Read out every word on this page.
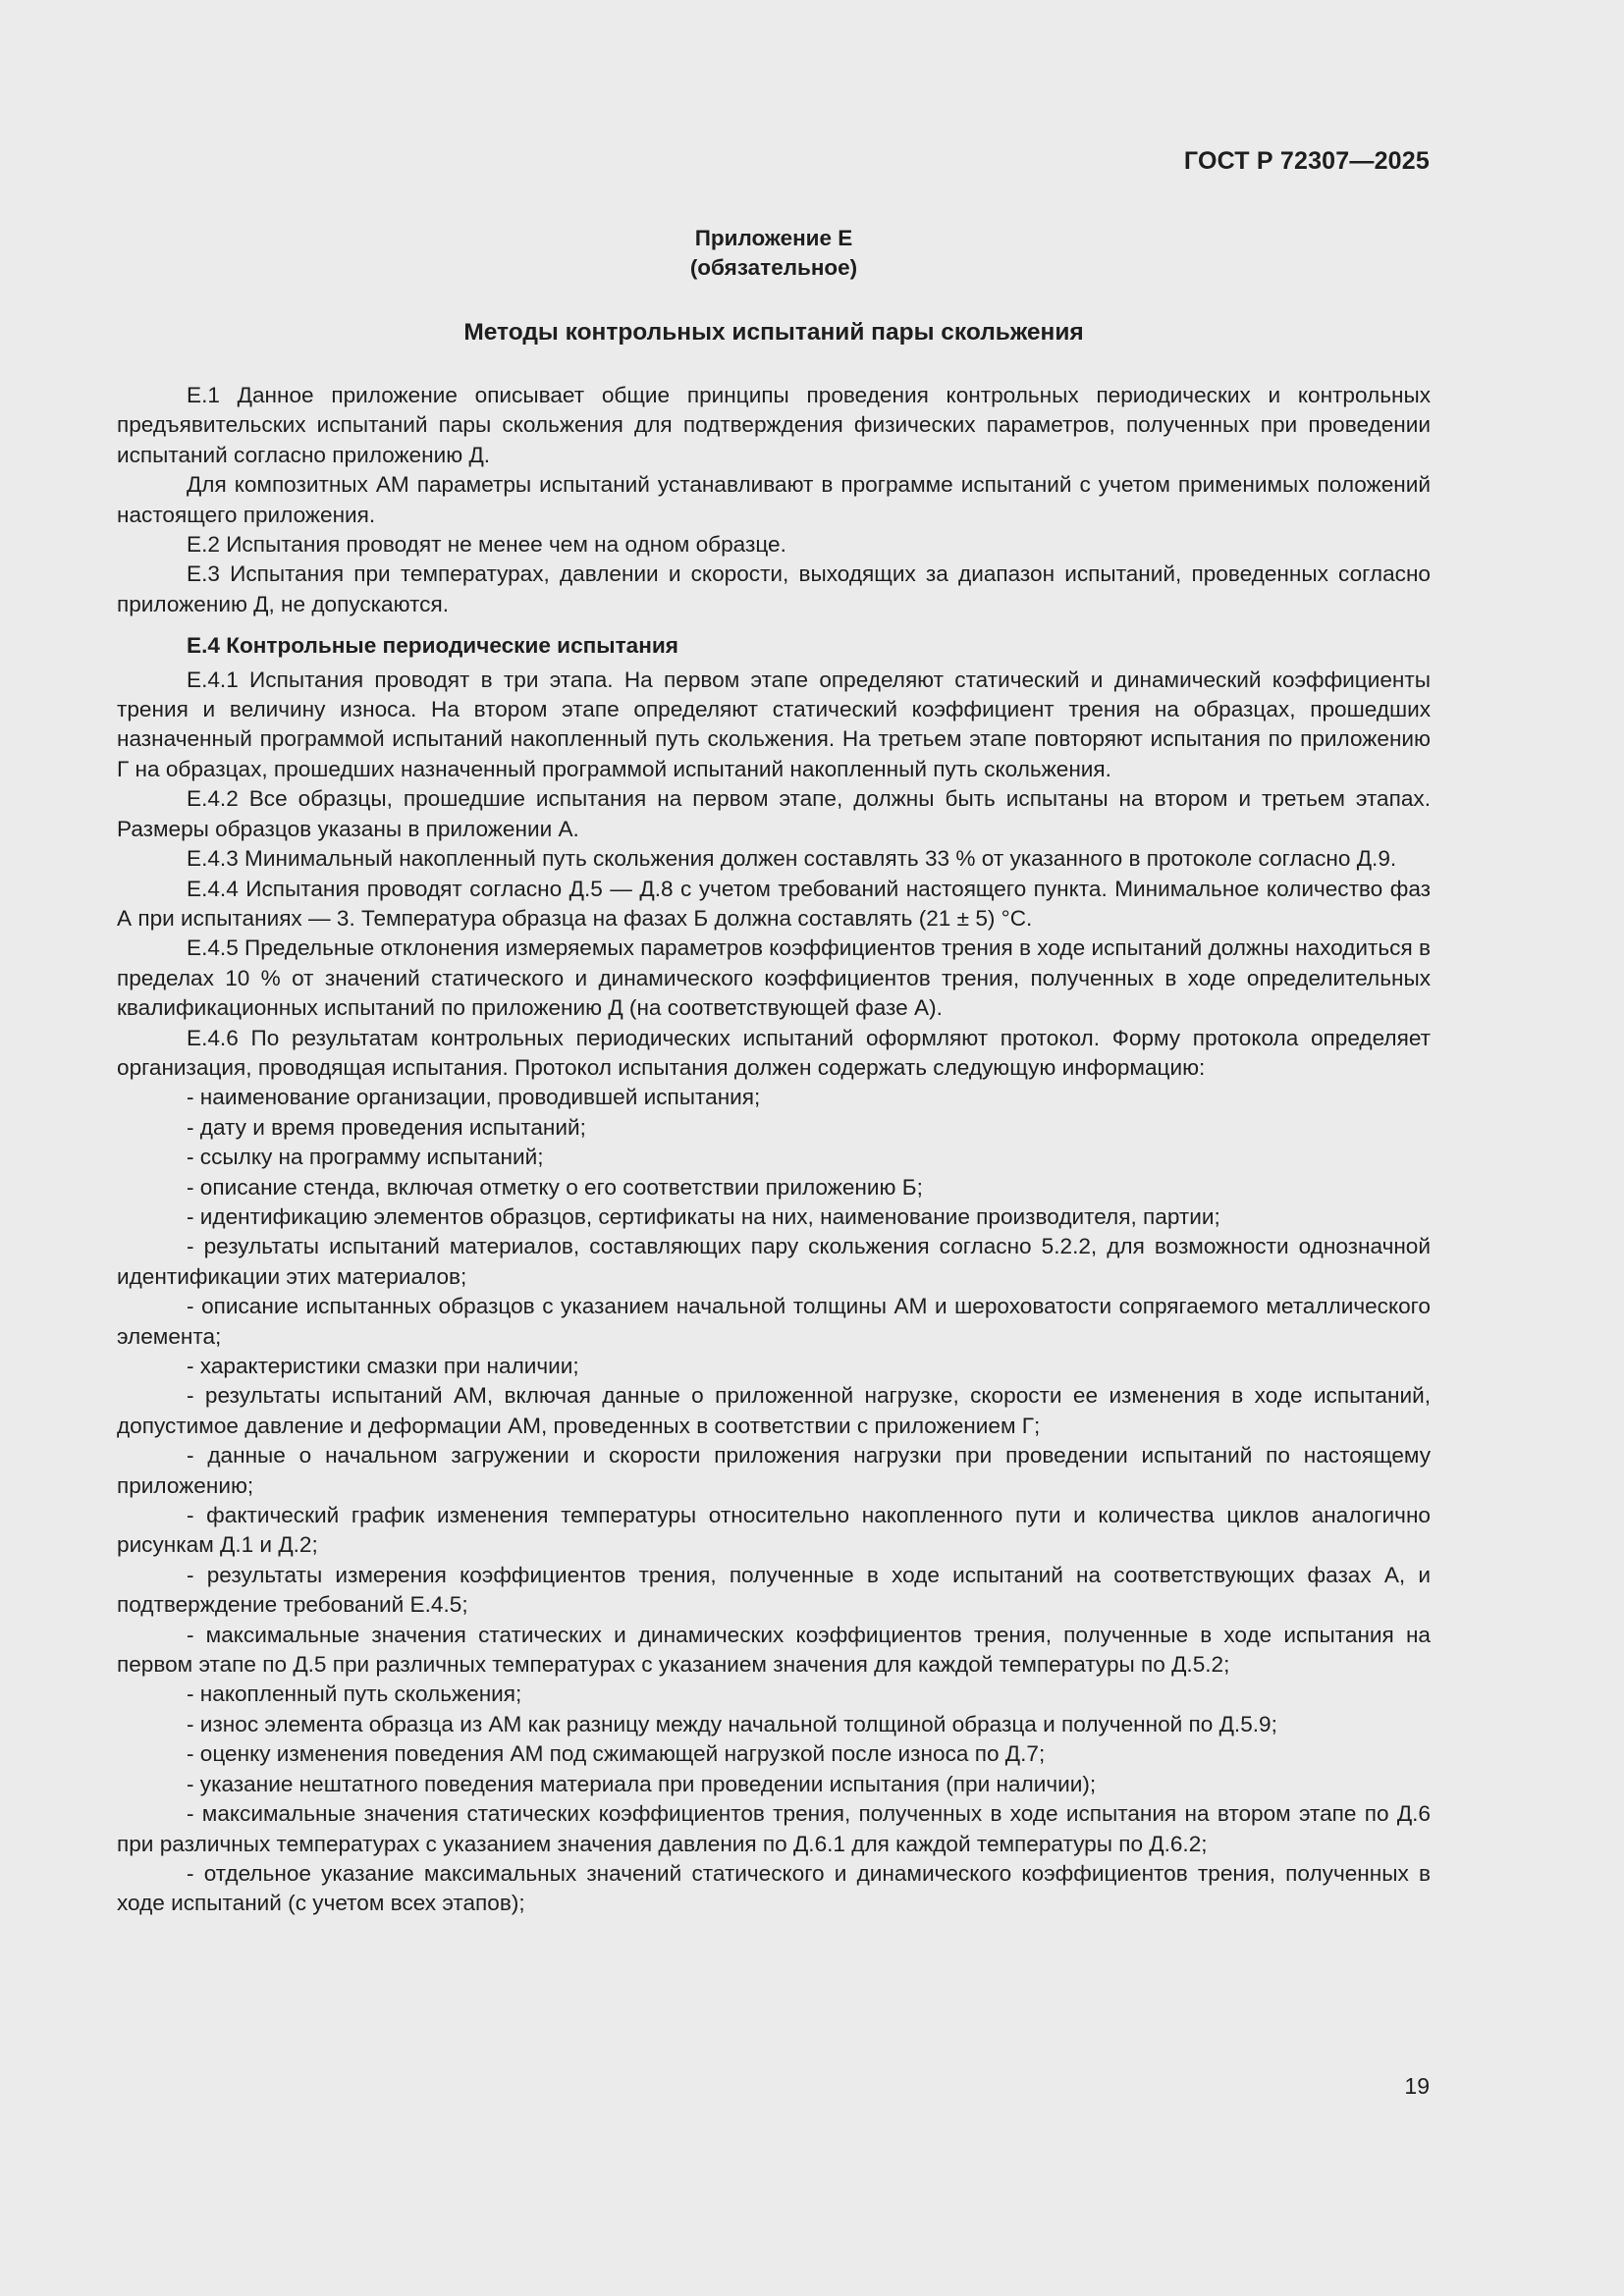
ГОСТ Р 72307—2025
Приложение Е
(обязательное)
Методы контрольных испытаний пары скольжения

Е.1 Данное приложение описывает общие принципы проведения контрольных периодических и контрольных предъявительских испытаний пары скольжения для подтверждения физических параметров, полученных при проведении испытаний согласно приложению Д.

Для композитных АМ параметры испытаний устанавливают в программе испытаний с учетом применимых положений настоящего приложения.

Е.2 Испытания проводят не менее чем на одном образце.

Е.3 Испытания при температурах, давлении и скорости, выходящих за диапазон испытаний, проведенных согласно приложению Д, не допускаются.

Е.4 Контрольные периодические испытания

Е.4.1 Испытания проводят в три этапа. На первом этапе определяют статический и динамический коэффициенты трения и величину износа. На втором этапе определяют статический коэффициент трения на образцах, прошедших назначенный программой испытаний накопленный путь скольжения. На третьем этапе повторяют испытания по приложению Г на образцах, прошедших назначенный программой испытаний накопленный путь скольжения.

Е.4.2 Все образцы, прошедшие испытания на первом этапе, должны быть испытаны на втором и третьем этапах. Размеры образцов указаны в приложении А.

Е.4.3 Минимальный накопленный путь скольжения должен составлять 33 % от указанного в протоколе согласно Д.9.

Е.4.4 Испытания проводят согласно Д.5 — Д.8 с учетом требований настоящего пункта. Минимальное количество фаз А при испытаниях — 3. Температура образца на фазах Б должна составлять (21 ± 5) °С.

Е.4.5 Предельные отклонения измеряемых параметров коэффициентов трения в ходе испытаний должны находиться в пределах 10 % от значений статического и динамического коэффициентов трения, полученных в ходе определительных квалификационных испытаний по приложению Д (на соответствующей фазе А).

Е.4.6 По результатам контрольных периодических испытаний оформляют протокол. Форму протокола определяет организация, проводящая испытания. Протокол испытания должен содержать следующую информацию:

- наименование организации, проводившей испытания;

- дату и время проведения испытаний;

- ссылку на программу испытаний;

- описание стенда, включая отметку о его соответствии приложению Б;

- идентификацию элементов образцов, сертификаты на них, наименование производителя, партии;

- результаты испытаний материалов, составляющих пару скольжения согласно 5.2.2, для возможности однозначной идентификации этих материалов;

- описание испытанных образцов с указанием начальной толщины АМ и шероховатости сопрягаемого металлического элемента;

- характеристики смазки при наличии;

- результаты испытаний АМ, включая данные о приложенной нагрузке, скорости ее изменения в ходе испытаний, допустимое давление и деформации АМ, проведенных в соответствии с приложением Г;

- данные о начальном загружении и скорости приложения нагрузки при проведении испытаний по настоящему приложению;

- фактический график изменения температуры относительно накопленного пути и количества циклов аналогично рисункам Д.1 и Д.2;

- результаты измерения коэффициентов трения, полученные в ходе испытаний на соответствующих фазах А, и подтверждение требований Е.4.5;

- максимальные значения статических и динамических коэффициентов трения, полученные в ходе испытания на первом этапе по Д.5 при различных температурах с указанием значения для каждой температуры по Д.5.2;

- накопленный путь скольжения;

- износ элемента образца из АМ как разницу между начальной толщиной образца и полученной по Д.5.9;

- оценку изменения поведения АМ под сжимающей нагрузкой после износа по Д.7;

- указание нештатного поведения материала при проведении испытания (при наличии);

- максимальные значения статических коэффициентов трения, полученных в ходе испытания на втором этапе по Д.6 при различных температурах с указанием значения давления по Д.6.1 для каждой температуры по Д.6.2;

- отдельное указание максимальных значений статического и динамического коэффициентов трения, полученных в ходе испытаний (с учетом всех этапов);

19
